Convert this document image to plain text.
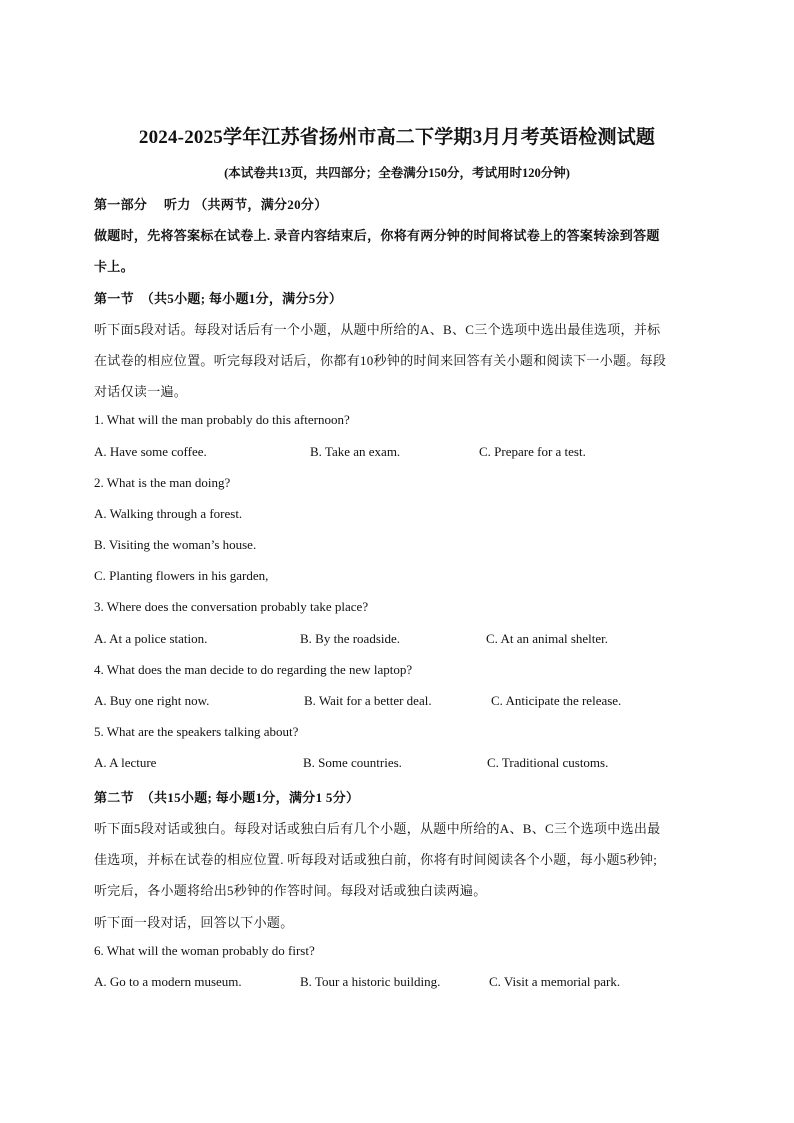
2024-2025学年江苏省扬州市高二下学期3月月考英语检测试题
(本试卷共13页，共四部分；全卷满分150分，考试用时120分钟)
第一部分　 听力 （共两节，满分20分）
做题时，先将答案标在试卷上. 录音内容结束后，你将有两分钟的时间将试卷上的答案转涂到答题
卡上。
第一节　（共5小题; 每小题1分，满分5分）
听下面5段对话。每段对话后有一个小题，从题中所给的A、B、C三个选项中选出最佳选项，并标
在试卷的相应位置。听完每段对话后，你都有10秒钟的时间来回答有关小题和阅读下一小题。每段
对话仅读一遍。
1. What will the man probably do this afternoon?
A. Have some coffee.	B. Take an exam.	C. Prepare for a test.
2. What is the man doing?
A. Walking through a forest.
B. Visiting the woman’s house.
C. Planting flowers in his garden,
3. Where does the conversation probably take place?
A. At a police station.	B. By the roadside.	C. At an animal shelter.
4. What does the man decide to do regarding the new laptop?
A. Buy one right now.	B. Wait for a better deal.	C. Anticipate the release.
5. What are the speakers talking about?
A. A lecture	B. Some countries.	C. Traditional customs.
第二节　（共15小题; 每小题1分，满分1 5分）
听下面5段对话或独白。每段对话或独白后有几个小题，从题中所给的A、B、C三个选项中选出最
佳选项，并标在试卷的相应位置. 听每段对话或独白前，你将有时间阅读各个小题，每小题5秒钟;
听完后，各小题将给出5秒钟的作答时间。每段对话或独白读两遍。
听下面一段对话，回答以下小题。
6. What will the woman probably do first?
A. Go to a modern museum.	B. Tour a historic building.	C. Visit a memorial park.
